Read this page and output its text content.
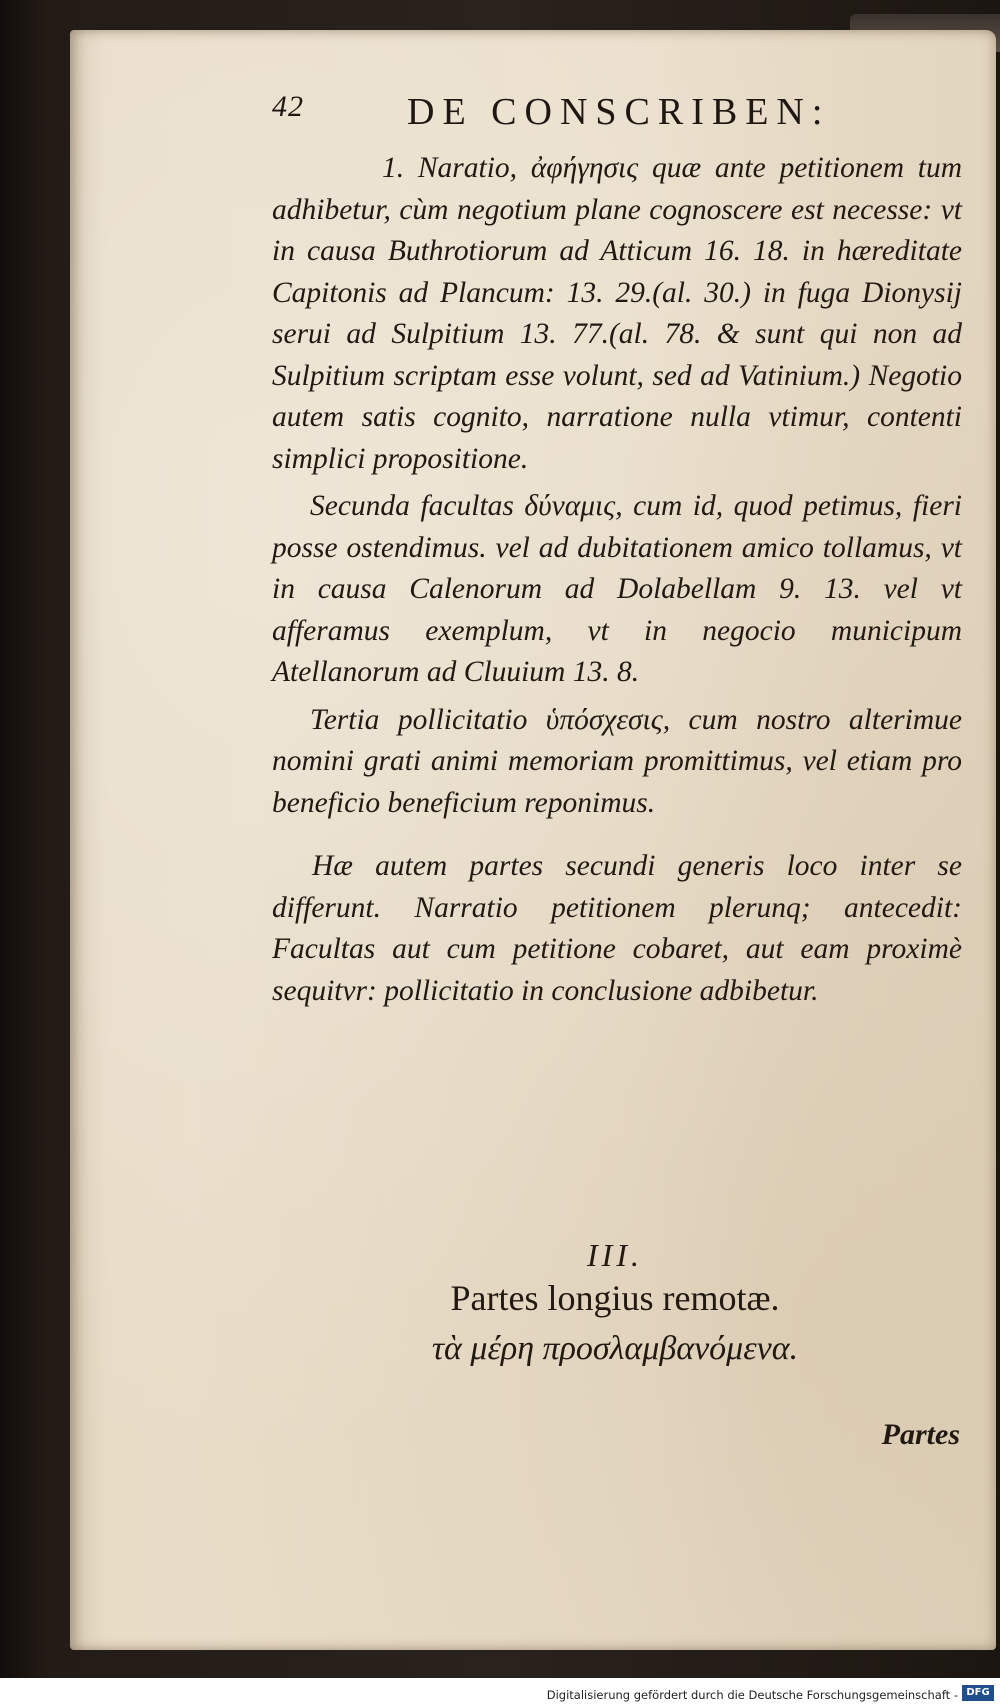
42	DE CONSCRIBEN:

1. Naratio, ἀφήγησις quæ ante petitionem tum adhibetur, cùm negotium plane cognoscere est necesse: vt in causa Buthrotiorum ad Atticum 16. 18. in hæreditate Capitonis ad Plancum: 13. 29.(al. 30.) in fuga Dionysij serui ad Sulpitium 13. 77.(al. 78. & sunt qui non ad Sulpitium scriptam esse volunt, sed ad Vatinium.) Negotio autem satis cognito, narratione nulla vtimur, contenti simplici propositione.

Secunda facultas δύναμις, cum id, quod petimus, fieri posse ostendimus. vel ad dubitationem amico tollamus, vt in causa Calenorum ad Dolabellam 9. 13. vel vt afferamus exemplum, vt in negocio municipum Atellanorum ad Cluuium 13. 8.

Tertia pollicitatio ὑπόσχεσις, cum nostro alterimue nomini grati animi memoriam promittimus, vel etiam pro beneficio beneficium reponimus.

Hæ autem partes secundi generis loco inter se differunt. Narratio petitionem plerunq; antecedit: Facultas aut cum petitione cobaret, aut eam proximè sequitvr: pollicitatio in conclusione adbibetur.

III.
Partes longius remotæ.
τὰ μέρη προσλαμβανόμενα.
Partes
Digitalisierung gefördert durch die Deutsche Forschungsgemeinschaft - DFG
